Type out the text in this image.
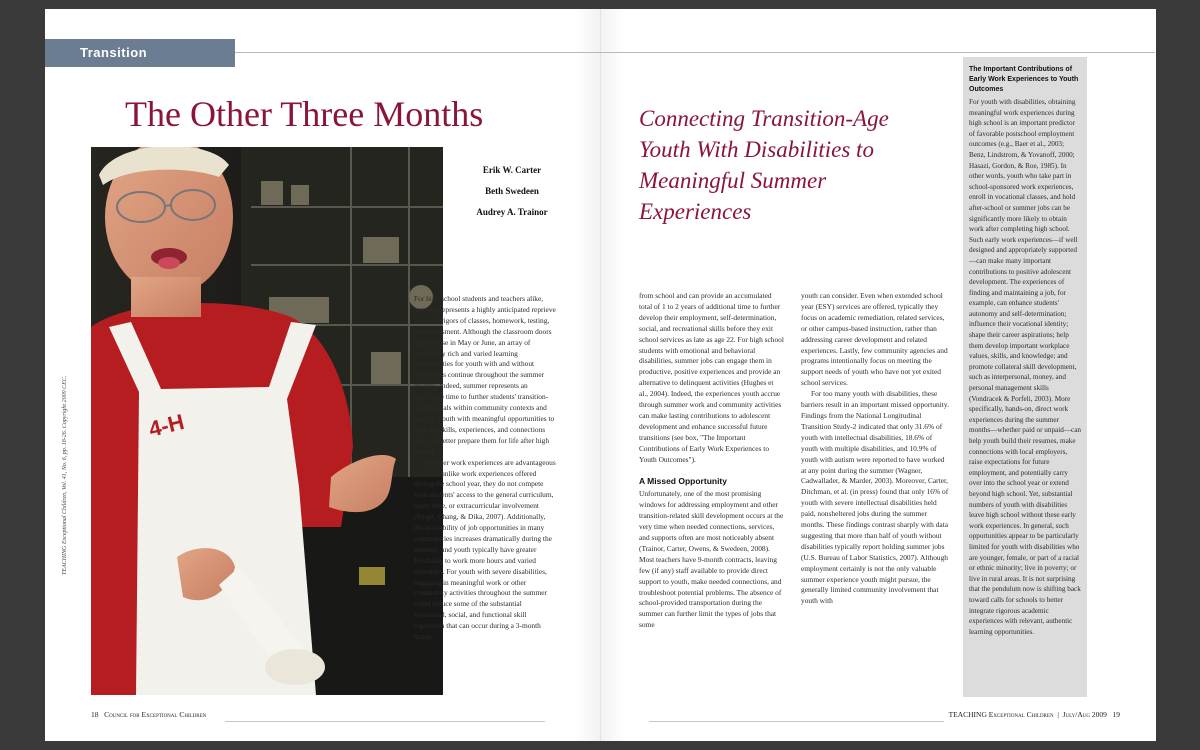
Transition
The Other Three Months
4-H
BALL
Erik W. Carter
Beth Swedeen
Audrey A. Trainor

For high school students and teachers alike, summer represents a highly anticipated reprieve from the rigors of classes, homework, testing, and assessment. Although the classroom doors might close in May or June, an array of potentially rich and varied learning opportunities for youth with and without disabilities continue throughout the summer months. Indeed, summer represents an opportune time to further students' transition-related goals within community contexts and provide youth with meaningful opportunities to gain the skills, experiences, and connections that can better prepare them for life after high school.

Summer work experiences are advantageous because, unlike work experiences offered during the school year, they do not compete with students' access to the general curriculum, study time, or extracurricular involvement (Singh, Chang, & Dika, 2007). Additionally, the availability of job opportunities in many communities increases dramatically during the summer, and youth typically have greater flexibility to work more hours and varied schedules. For youth with severe disabilities, engaging in meaningful work or other community activities throughout the summer could reduce some of the substantial vocational, social, and functional skill regression that can occur during a 3-month hiatus

Connecting Transition-Age Youth With Disabilities to Meaningful Summer Experiences

from school and can provide an accumulated total of 1 to 2 years of additional time to further develop their employment, self-determination, social, and recreational skills before they exit school services as late as age 22. For high school students with emotional and behavioral disabilities, summer jobs can engage them in productive, positive experiences and provide an alternative to delinquent activities (Hughes et al., 2004). Indeed, the experiences youth accrue through summer work and community activities can make lasting contributions to adolescent development and enhance successful future transitions (see box, "The Important Contributions of Early Work Experiences to Youth Outcomes").

A Missed Opportunity

Unfortunately, one of the most promising windows for addressing employment and other transition-related skill development occurs at the very time when needed connections, services, and supports often are most noticeably absent (Trainor, Carter, Owens, & Swedeen, 2008). Most teachers have 9-month contracts, leaving few (if any) staff available to provide direct support to youth, make needed connections, and troubleshoot potential problems. The absence of school-provided transportation during the summer can further limit the types of jobs that some

youth can consider. Even when extended school year (ESY) services are offered, typically they focus on academic remediation, related services, or other campus-based instruction, rather than addressing career development and related experiences. Lastly, few community agencies and programs intentionally focus on meeting the support needs of youth who have not yet exited school services.

For too many youth with disabilities, these barriers result in an important missed opportunity. Findings from the National Longitudinal Transition Study-2 indicated that only 31.6% of youth with intellectual disabilities, 18.6% of youth with multiple disabilities, and 10.9% of youth with autism were reported to have worked at any point during the summer (Wagner, Cadwallader, & Marder, 2003). Moreover, Carter, Ditchman, et al. (in press) found that only 16% of youth with severe intellectual disabilities held paid, nonsheltered jobs during the summer months. These findings contrast sharply with data suggesting that more than half of youth without disabilities typically report holding summer jobs (U.S. Bureau of Labor Statistics, 2007). Although employment certainly is not the only valuable summer experience youth might pursue, the generally limited community involvement that youth with

The Important Contributions of Early Work Experiences to Youth Outcomes

For youth with disabilities, obtaining meaningful work experiences during high school is an important predictor of favorable postschool employment outcomes (e.g., Baer et al., 2003; Benz, Lindstrom, & Yovanoff, 2000; Hasazi, Gordon, & Roe, 1985). In other words, youth who take part in school-sponsored work experiences, enroll in vocational classes, and hold after-school or summer jobs can be significantly more likely to obtain work after completing high school. Such early work experiences—if well designed and appropriately supported—can make many important contributions to positive adolescent development. The experiences of finding and maintaining a job, for example, can enhance students' autonomy and self-determination; influence their vocational identity; shape their career aspirations; help them develop important workplace values, skills, and knowledge; and promote collateral skill development, such as interpersonal, money, and personal management skills (Vondracek & Porfeli, 2003). More specifically, hands-on, direct work experiences during the summer months—whether paid or unpaid—can help youth build their resumes, make connections with local employers, raise expectations for future employment, and potentially carry over into the school year or extend beyond high school. Yet, substantial numbers of youth with disabilities leave high school without these early work experiences. In general, such opportunities appear to be particularly limited for youth with disabilities who are younger, female, or part of a racial or ethnic minority; live in poverty; or live in rural areas. It is not surprising that the pendulum now is shifting back toward calls for schools to better integrate rigorous academic experiences with relevant, authentic learning opportunities.

TEACHING Exceptional Children, Vol. 41, No. 6, pp. 18-26. Copyright 2009 CEC.
18 Council for Exceptional Children	TEACHING Exceptional Children  |  July/Aug 2009 19
